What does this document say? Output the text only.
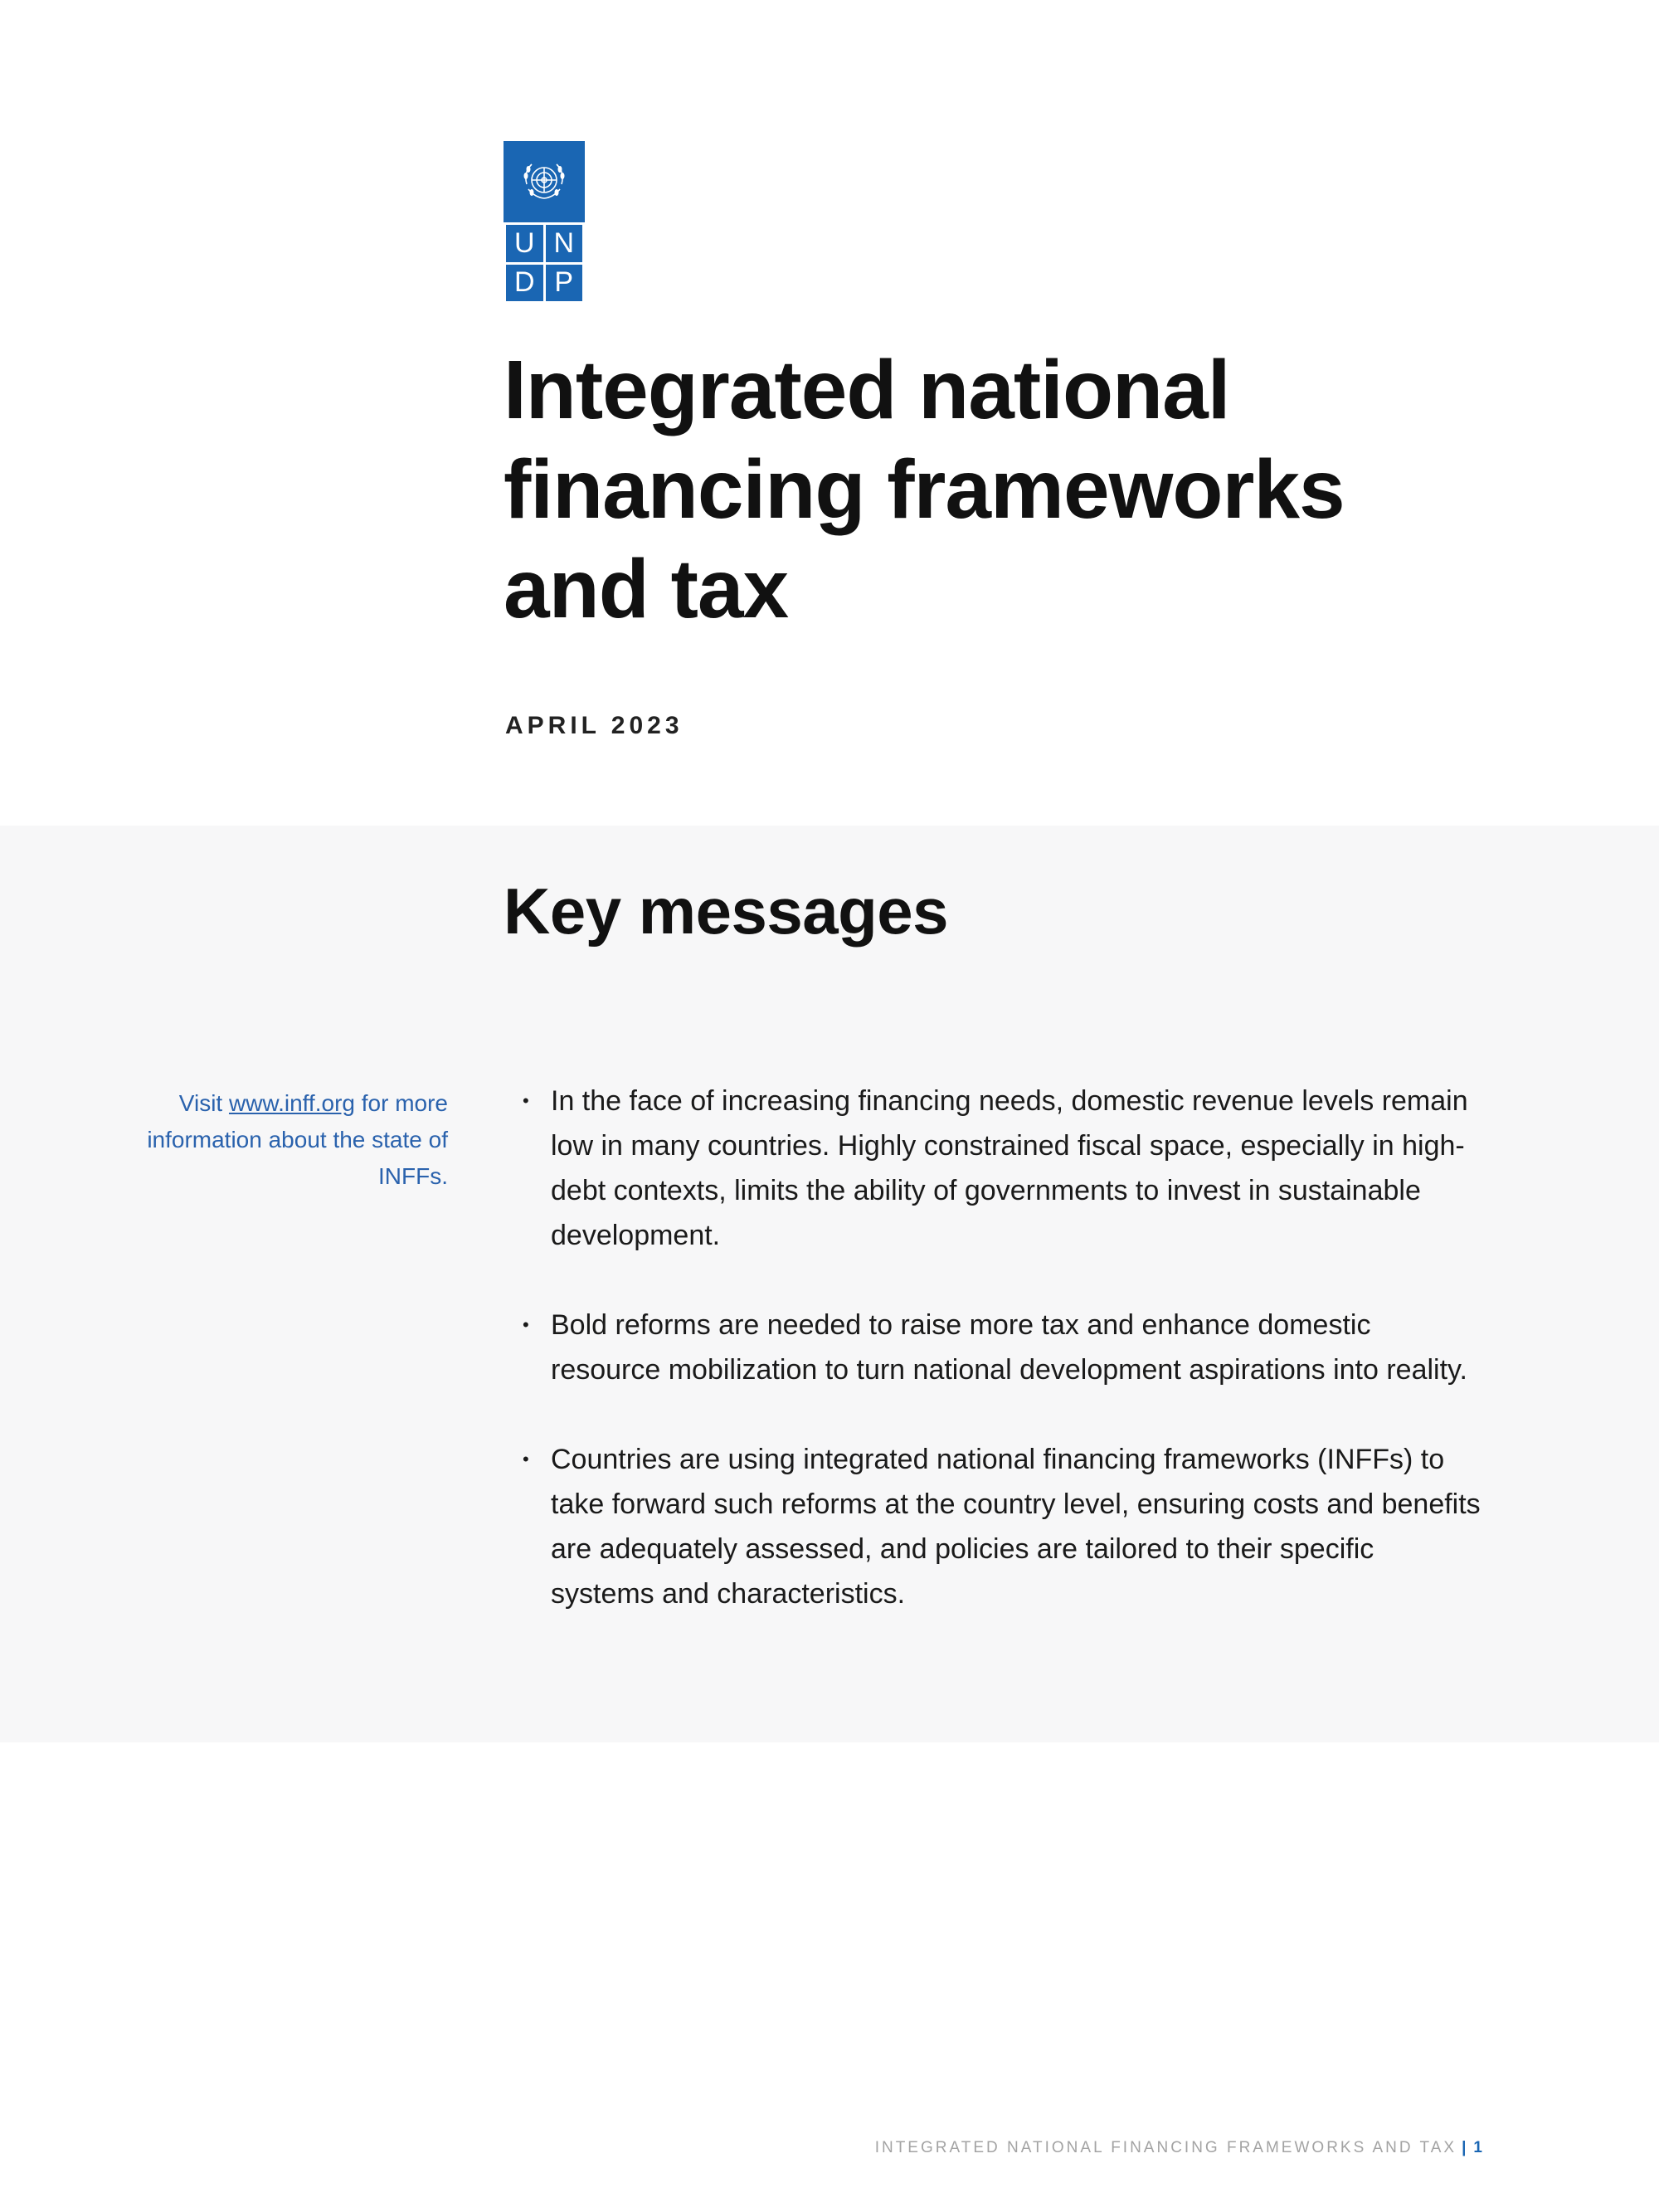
U N
D P
Integrated national
financing frameworks
and tax
APRIL 2023
Key messages
Visit www.inff.org for more information about the state of INFFs.
• In the face of increasing financing needs, domestic revenue levels remain low in many countries. Highly constrained fiscal space, especially in high-debt contexts, limits the ability of governments to invest in sustainable development.
• Bold reforms are needed to raise more tax and enhance domestic resource mobilization to turn national development aspirations into reality.
• Countries are using integrated national financing frameworks (INFFs) to take forward such reforms at the country level, ensuring costs and benefits are adequately assessed, and policies are tailored to their specific systems and characteristics.
INTEGRATED NATIONAL FINANCING FRAMEWORKS AND TAX | 1
